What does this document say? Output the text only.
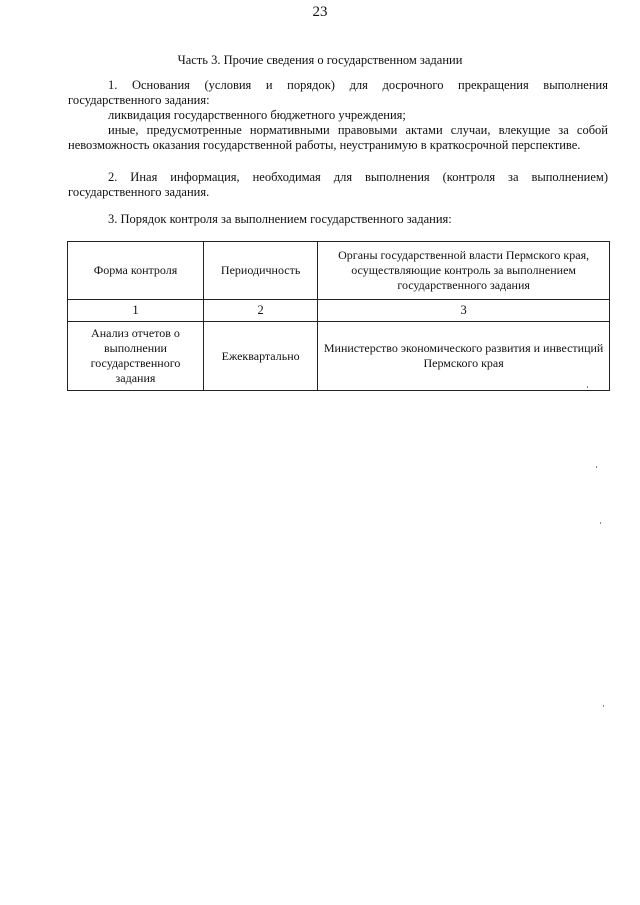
23
Часть 3. Прочие сведения о государственном задании
1. Основания (условия и порядок) для досрочного прекращения выполнения
государственного задания:
ликвидация государственного бюджетного учреждения;
иные, предусмотренные нормативными правовыми актами случаи, влекущие за собой невозможность оказания государственной работы, неустранимую в краткосрочной перспективе.
2. Иная информация, необходимая для выполнения (контроля за выполнением) государственного задания.
3. Порядок контроля за выполнением государственного задания:
Форма контроля	Периодичность	Органы государственной власти Пермского края, осуществляющие контроль за выполнением государственного задания
1	2	3
Анализ отчетов о выполнении государственного задания	Ежеквартально	Министерство экономического развития и инвестиций Пермского края
